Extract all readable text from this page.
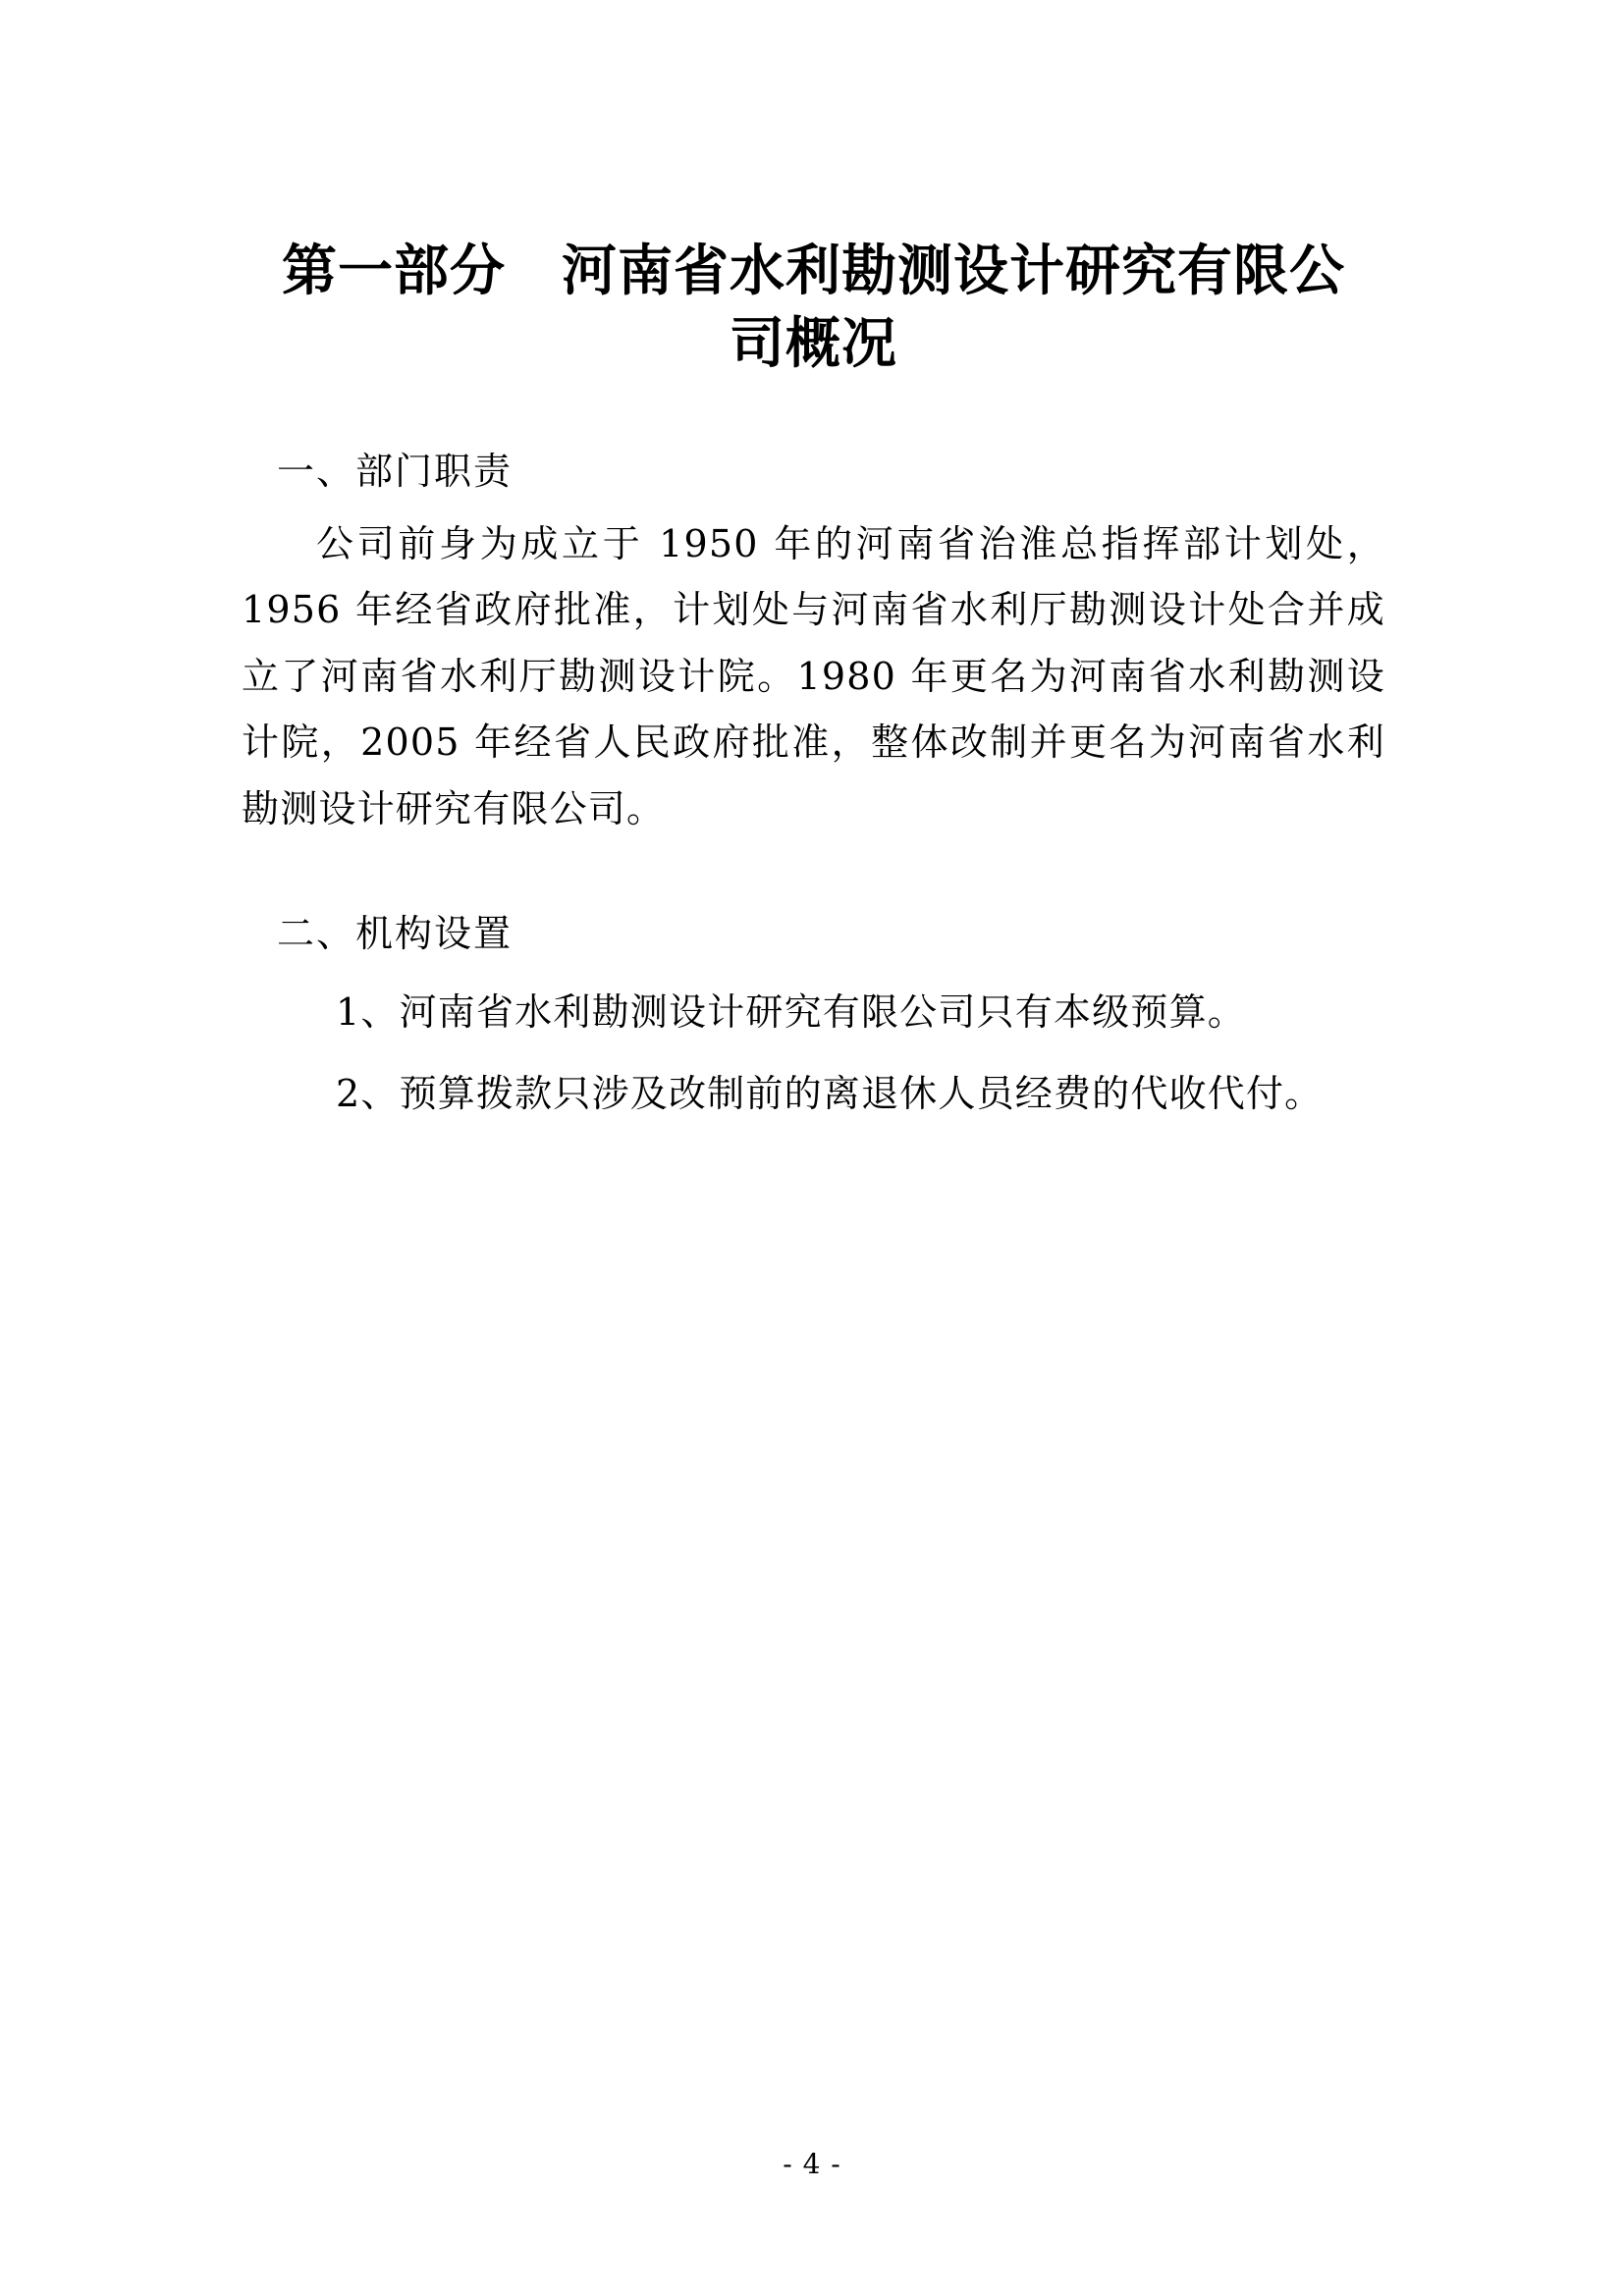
第一部分　河南省水利勘测设计研究有限公司概况
一、部门职责

公司前身为成立于 1950 年的河南省治淮总指挥部计划处，1956 年经省政府批准，计划处与河南省水利厅勘测设计处合并成立了河南省水利厅勘测设计院。1980 年更名为河南省水利勘测设计院，2005 年经省人民政府批准，整体改制并更名为河南省水利勘测设计研究有限公司。

二、机构设置

1、河南省水利勘测设计研究有限公司只有本级预算。

2、预算拨款只涉及改制前的离退休人员经费的代收代付。

- 4 -
